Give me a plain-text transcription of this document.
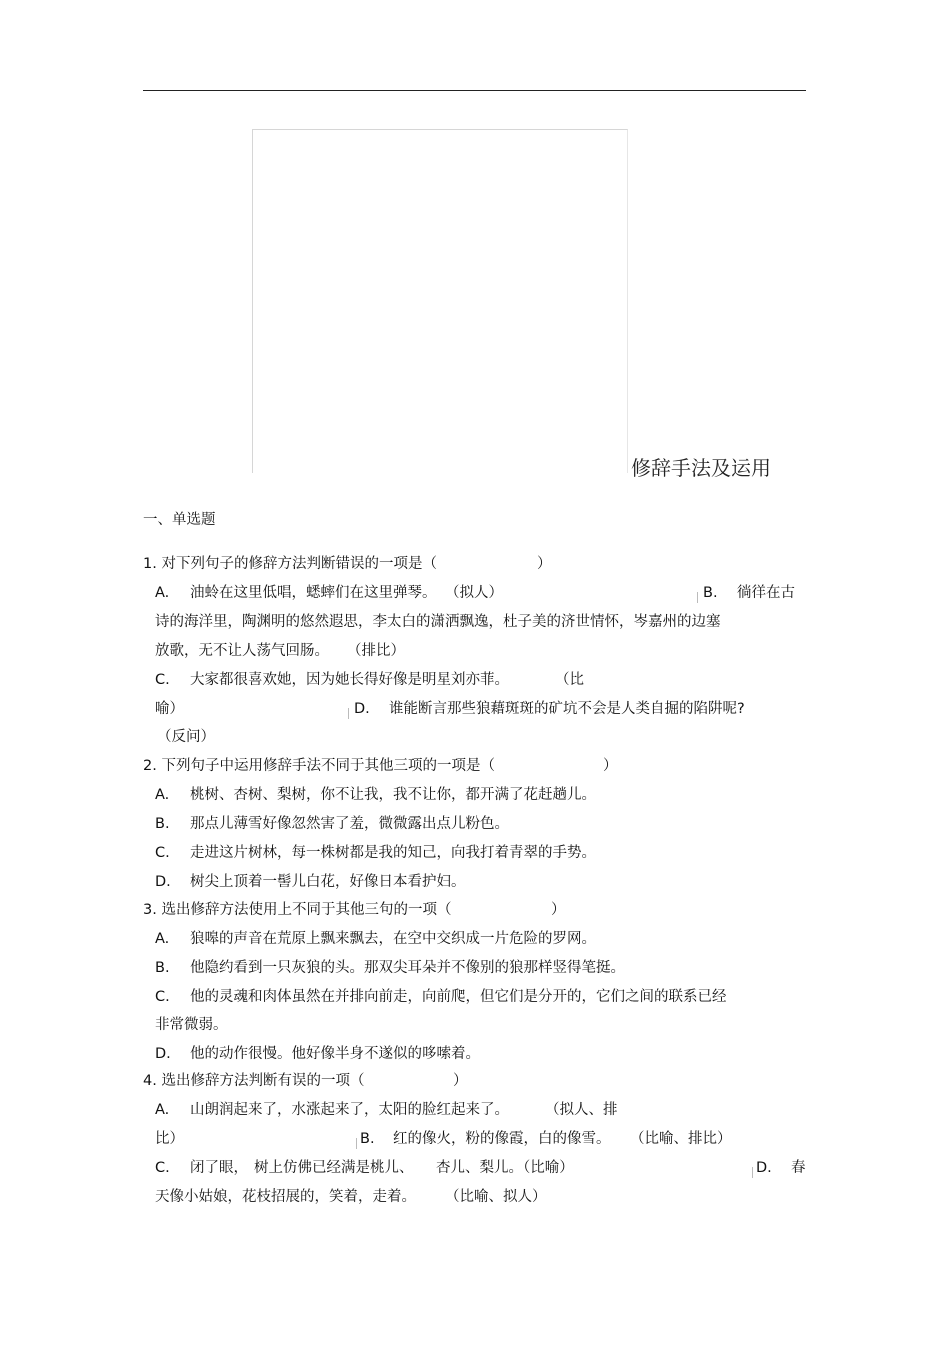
修辞手法及运用
一、单选题
1. 对下列句子的修辞方法判断错误的一项是（	）
A. 油蛉在这里低唱，蟋蟀们在这里弹琴。 （拟人）	B. 徜徉在古
诗的海洋里，陶渊明的悠然遐思，李太白的潇洒飘逸，杜子美的济世情怀，岑嘉州的边塞
放歌，无不让人荡气回肠。 （排比）
C. 大家都很喜欢她，因为她长得好像是明星刘亦菲。	（比
喻）	D. 谁能断言那些狼藉斑斑的矿坑不会是人类自掘的陷阱呢?
（反问）
2. 下列句子中运用修辞手法不同于其他三项的一项是（	）
A. 桃树、杏树、梨树，你不让我，我不让你，都开满了花赶趟儿。
B. 那点儿薄雪好像忽然害了羞，微微露出点儿粉色。
C. 走进这片树林，每一株树都是我的知己，向我打着青翠的手势。
D. 树尖上顶着一髻儿白花，好像日本看护妇。
3. 选出修辞方法使用上不同于其他三句的一项（	）
A. 狼嗥的声音在荒原上飘来飘去，在空中交织成一片危险的罗网。
B. 他隐约看到一只灰狼的头。那双尖耳朵并不像别的狼那样竖得笔挺。
C. 他的灵魂和肉体虽然在并排向前走，向前爬，但它们是分开的，它们之间的联系已经
非常微弱。
D. 他的动作很慢。他好像半身不遂似的哆嗦着。
4. 选出修辞方法判断有误的一项（	）
A. 山朗润起来了，水涨起来了，太阳的脸红起来了。 （拟人、排
比）	B. 红的像火，粉的像霞，白的像雪。 （比喻、排比）
C. 闭了眼， 树上仿佛已经满是桃儿、 杏儿、梨儿。（比喻）	D. 春
天像小姑娘，花枝招展的，笑着，走着。 （比喻、拟人）
